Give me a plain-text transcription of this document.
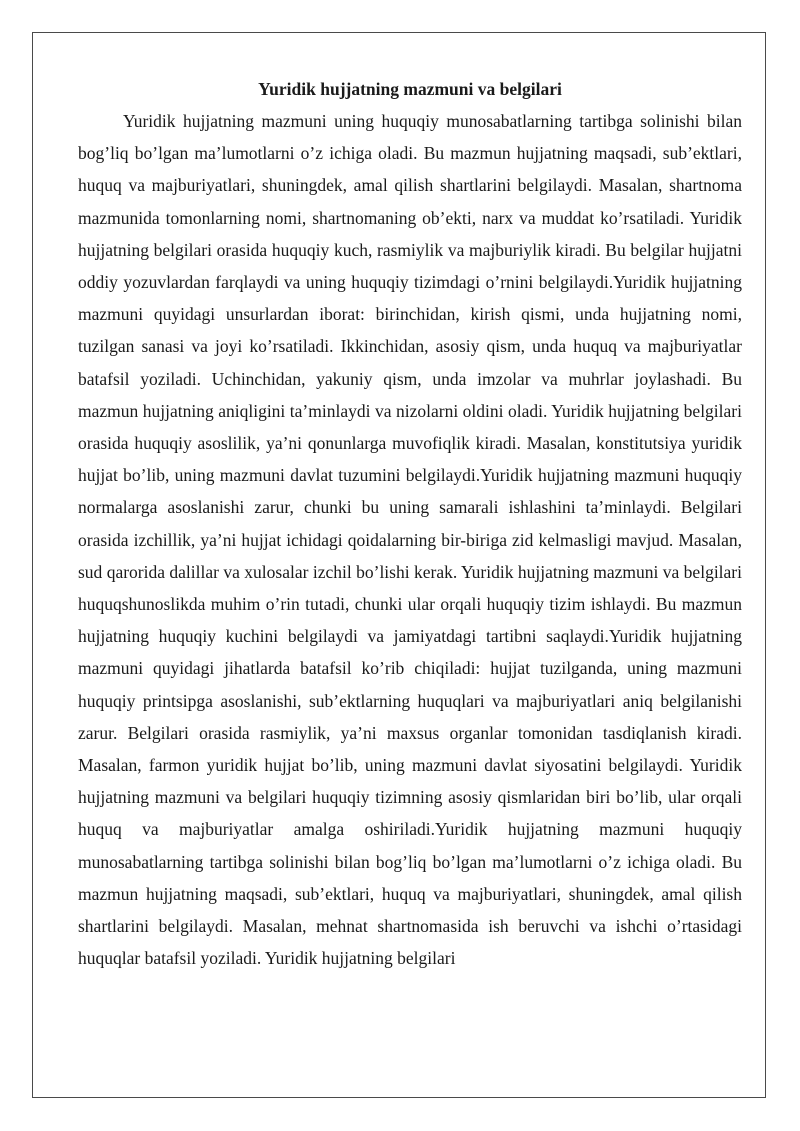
Yuridik hujjatning mazmuni va belgilari

Yuridik hujjatning mazmuni uning huquqiy munosabatlarning tartibga solinishi bilan bog’liq bo’lgan ma’lumotlarni o’z ichiga oladi. Bu mazmun hujjatning maqsadi, sub’ektlari, huquq va majburiyatlari, shuningdek, amal qilish shartlarini belgilaydi. Masalan, shartnoma mazmunida tomonlarning nomi, shartnomaning ob’ekti, narx va muddat ko’rsatiladi. Yuridik hujjatning belgilari orasida huquqiy kuch, rasmiylik va majburiylik kiradi. Bu belgilar hujjatni oddiy yozuvlardan farqlaydi va uning huquqiy tizimdagi o’rnini belgilaydi.Yuridik hujjatning mazmuni quyidagi unsurlardan iborat: birinchidan, kirish qismi, unda hujjatning nomi, tuzilgan sanasi va joyi ko’rsatiladi. Ikkinchidan, asosiy qism, unda huquq va majburiyatlar batafsil yoziladi. Uchinchidan, yakuniy qism, unda imzolar va muhrlar joylashadi. Bu mazmun hujjatning aniqligini ta’minlaydi va nizolarni oldini oladi. Yuridik hujjatning belgilari orasida huquqiy asoslilik, ya’ni qonunlarga muvofiqlik kiradi. Masalan, konstitutsiya yuridik hujjat bo’lib, uning mazmuni davlat tuzumini belgilaydi.Yuridik hujjatning mazmuni huquqiy normalarga asoslanishi zarur, chunki bu uning samarali ishlashini ta’minlaydi. Belgilari orasida izchillik, ya’ni hujjat ichidagi qoidalarning bir-biriga zid kelmasligi mavjud. Masalan, sud qarorida dalillar va xulosalar izchil bo’lishi kerak. Yuridik hujjatning mazmuni va belgilari huquqshunoslikda muhim o’rin tutadi, chunki ular orqali huquqiy tizim ishlaydi. Bu mazmun hujjatning huquqiy kuchini belgilaydi va jamiyatdagi tartibni saqlaydi.Yuridik hujjatning mazmuni quyidagi jihatlarda batafsil ko’rib chiqiladi: hujjat tuzilganda, uning mazmuni huquqiy printsipga asoslanishi, sub’ektlarning huquqlari va majburiyatlari aniq belgilanishi zarur. Belgilari orasida rasmiylik, ya’ni maxsus organlar tomonidan tasdiqlanish kiradi. Masalan, farmon yuridik hujjat bo’lib, uning mazmuni davlat siyosatini belgilaydi. Yuridik hujjatning mazmuni va belgilari huquqiy tizimning asosiy qismlaridan biri bo’lib, ular orqali huquq va majburiyatlar amalga oshiriladi.Yuridik hujjatning mazmuni huquqiy munosabatlarning tartibga solinishi bilan bog’liq bo’lgan ma’lumotlarni o’z ichiga oladi. Bu mazmun hujjatning maqsadi, sub’ektlari, huquq va majburiyatlari, shuningdek, amal qilish shartlarini belgilaydi. Masalan, mehnat shartnomasida ish beruvchi va ishchi o’rtasidagi huquqlar batafsil yoziladi. Yuridik hujjatning belgilari
